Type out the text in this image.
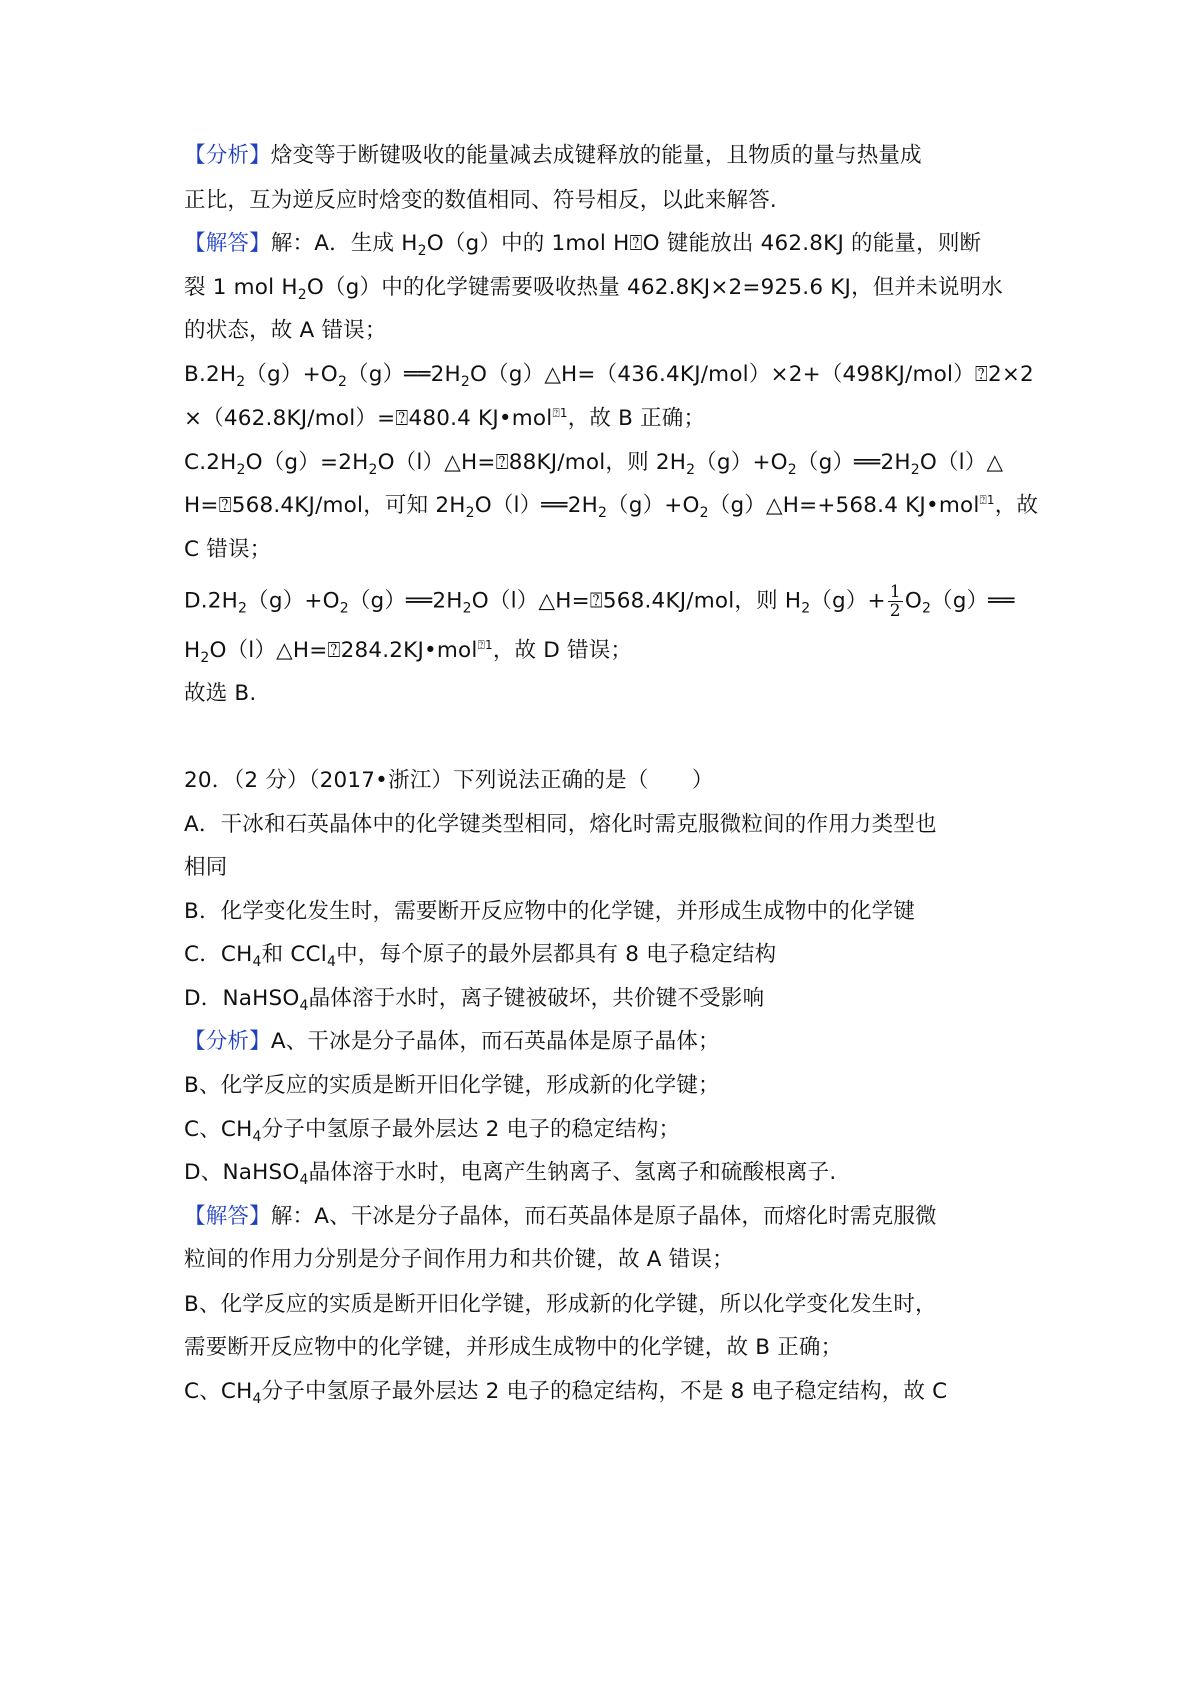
【分析】焓变等于断键吸收的能量减去成键释放的能量，且物质的量与热量成
正比，互为逆反应时焓变的数值相同、符号相反，以此来解答.
【解答】解：A．生成 $H_2O(g)$中的 1mol H⍰O 键能放出 462.8KJ 的能量，则断
裂 1 mol $H_2O(g)$中的化学键需要吸收热量 462.8KJ×2=925.6 KJ，但并未说明水
的状态，故 A 错误；
$B.2H_2(g)+O_2(g)══2H_2O(g)\triangle H=(436.4KJ/mol)\times 2+(498KJ/mol)⍰2\times 2$
×（462.8KJ/mol）=⍰480.4 KJ•mol$^{⍰1}$，故 B 正确；
$C.2H_2O(g)=2H_2O(l)\triangle H=⍰88KJ$/mol，则 $2H_2(g)+O_2(g)══2H_2O(l)\triangle$
H=⍰568.4KJ/mol，可知 $2H_2O(l)══2H_2(g)+O_2(g)\triangle H=+568.4$ KJ•mol$^{⍰1}$，故
C 错误；
$D.2H_2(g)+O_2(g)══2H_2O(l)\triangle H=⍰568.4KJ$/mol，则 $H_2(g)+ \frac{1}{2}$ $O_2(g)══$
$H_2O(l)\triangle H=⍰284.2KJ•mol^{⍰1}$，故 D 错误；
故选 B.
20．（2 分）（2017•浙江）下列说法正确的是（　　）
A．干冰和石英晶体中的化学键类型相同，熔化时需克服微粒间的作用力类型也
相同
B．化学变化发生时，需要断开反应物中的化学键，并形成生成物中的化学键
C．$CH_4$和 CCl$_4$中，每个原子的最外层都具有 8 电子稳定结构
D．NaHSO$_4$晶体溶于水时，离子键被破坏，共价键不受影响
【分析】A、干冰是分子晶体，而石英晶体是原子晶体；
B、化学反应的实质是断开旧化学键，形成新的化学键；
C、$CH_4$分子中氢原子最外层达 2 电子的稳定结构；
D、NaHSO$_4$晶体溶于水时，电离产生钠离子、氢离子和硫酸根离子.
【解答】解：A、干冰是分子晶体，而石英晶体是原子晶体，而熔化时需克服微
粒间的作用力分别是分子间作用力和共价键，故 A 错误；
B、化学反应的实质是断开旧化学键，形成新的化学键，所以化学变化发生时，
需要断开反应物中的化学键，并形成生成物中的化学键，故 B 正确；
C、$CH_4$分子中氢原子最外层达 2 电子的稳定结构，不是 8 电子稳定结构，故 C
